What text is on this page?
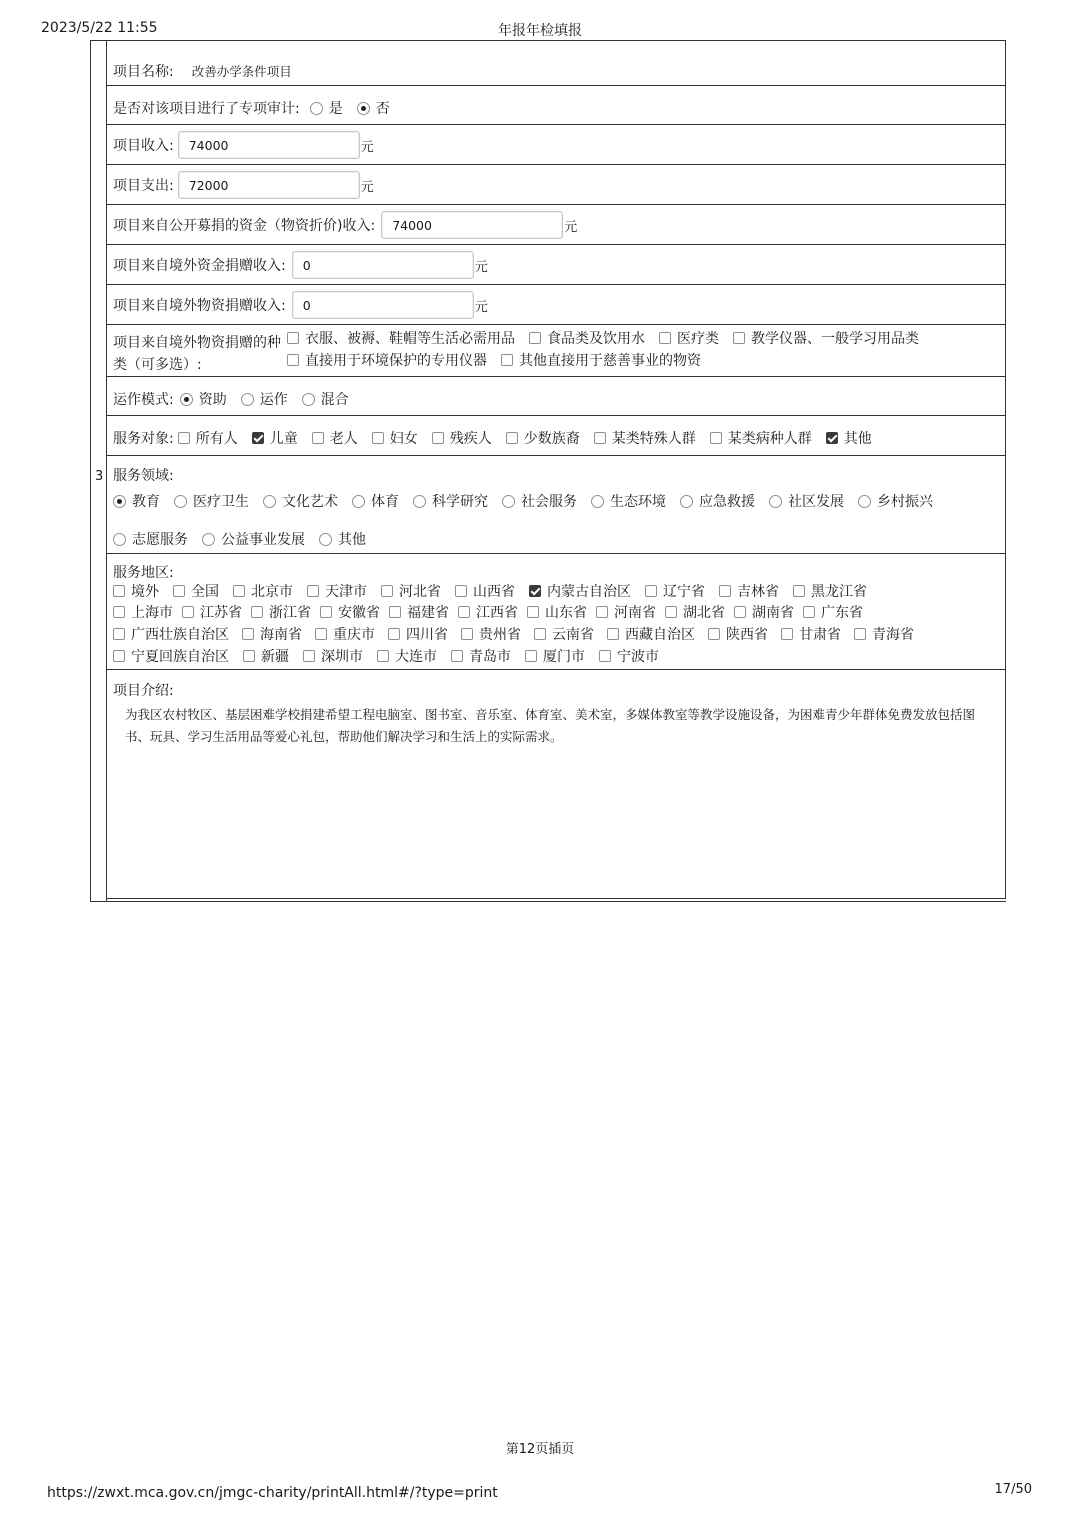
2023/5/22 11:55	年报年检填报
3
项目名称: 改善办学条件项目
是否对该项目进行了专项审计: 是 否
项目收入:	74000	元
项目支出:	72000	元
项目来自公开募捐的资金（物资折价)收入:	74000	元
项目来自境外资金捐赠收入:	0	元
项目来自境外物资捐赠收入:	0	元
项目来自境外物资捐赠的种
类（可多选）:
衣服、被褥、鞋帽等生活必需用品 食品类及饮用水 医疗类 教学仪器、一般学习用品类
直接用于环境保护的专用仪器 其他直接用于慈善事业的物资
运作模式: 资助 运作 混合
服务对象: 所有人 儿童 老人 妇女 残疾人 少数族裔 某类特殊人群 某类病种人群 其他
服务领域:
教育 医疗卫生 文化艺术 体育 科学研究 社会服务 生态环境 应急救援 社区发展 乡村振兴
志愿服务 公益事业发展 其他
服务地区:
境外 全国 北京市 天津市 河北省 山西省 内蒙古自治区 辽宁省 吉林省 黑龙江省
上海市 江苏省 浙江省 安徽省 福建省 江西省 山东省 河南省 湖北省 湖南省 广东省
广西壮族自治区 海南省 重庆市 四川省 贵州省 云南省 西藏自治区 陕西省 甘肃省 青海省
宁夏回族自治区 新疆 深圳市 大连市 青岛市 厦门市 宁波市
项目介绍:
为我区农村牧区、基层困难学校捐建希望工程电脑室、图书室、音乐室、体育室、美术室，多媒体教室等教学设施设备，为困难青少年群体免费发放包括图书、玩具、学习生活用品等爱心礼包，帮助他们解决学习和生活上的实际需求。
第12页插页
https://zwxt.mca.gov.cn/jmgc-charity/printAll.html#/?type=print	17/50
